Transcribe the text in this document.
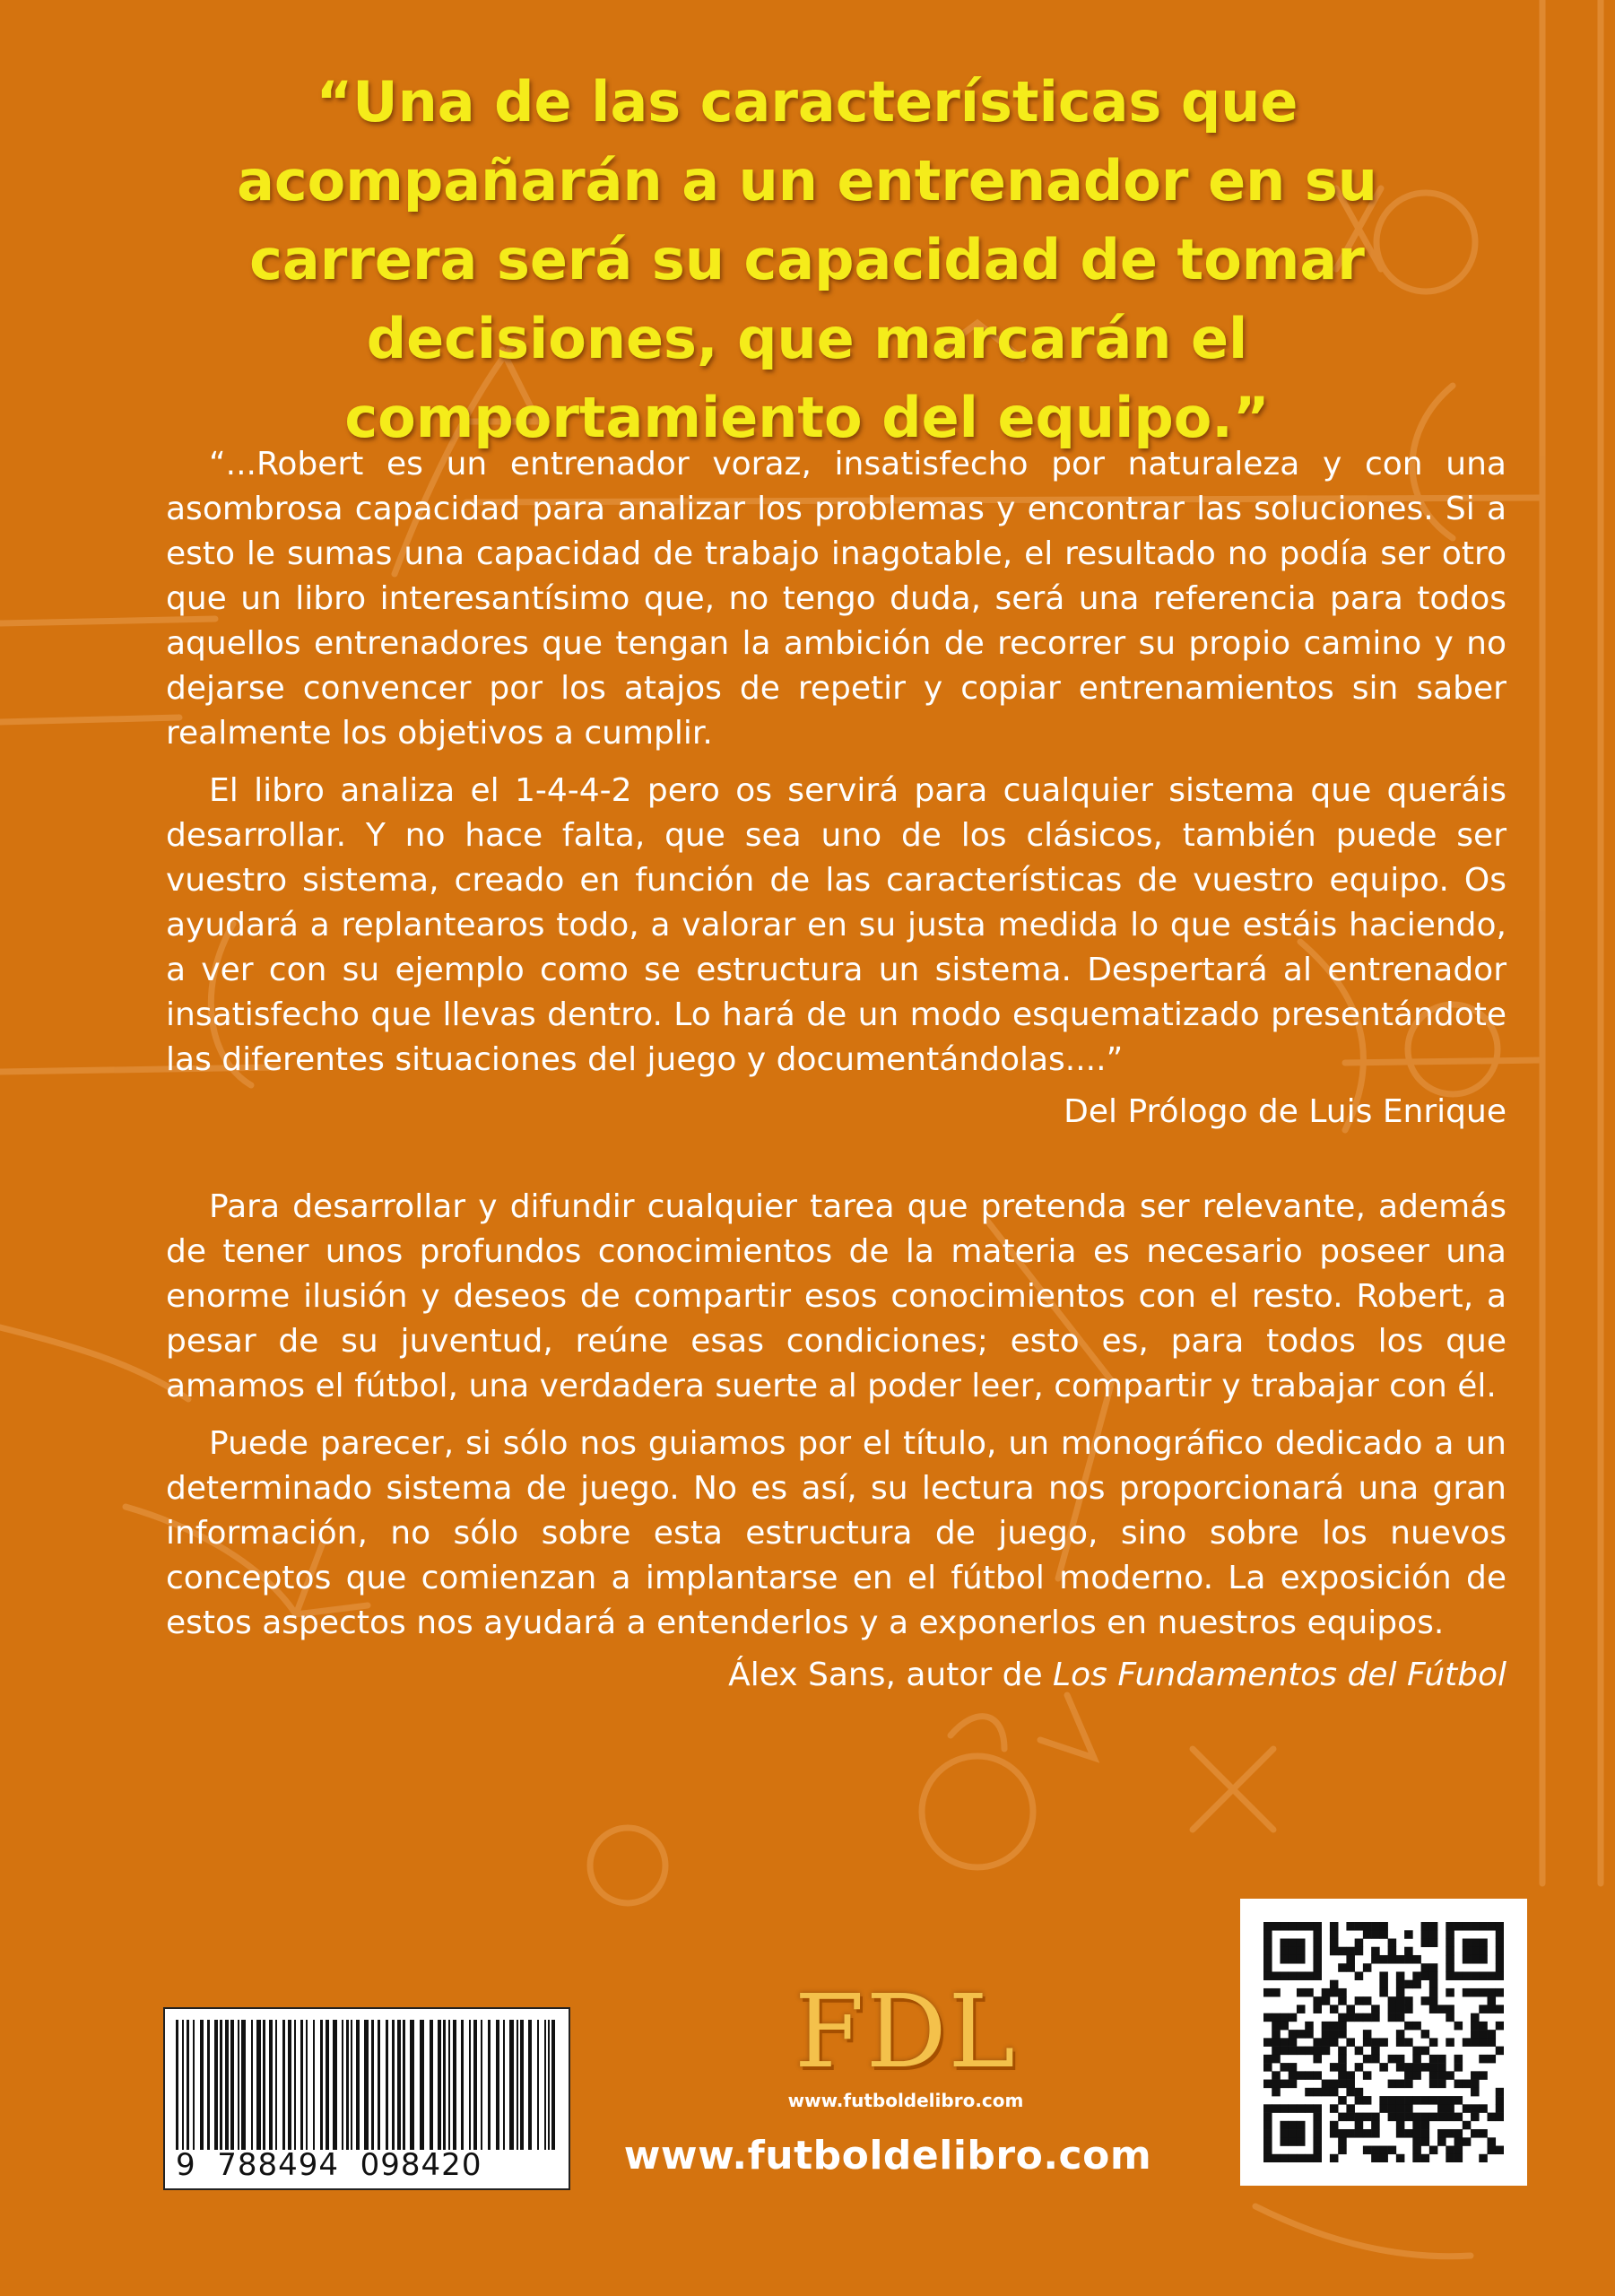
“Una de las características que acompañarán a un entrenador en su carrera será su capacidad de tomar decisiones, que marcarán el comportamiento del equipo.”

“...Robert es un entrenador voraz, insatisfecho por naturaleza y con una asombrosa capacidad para analizar los problemas y encontrar las soluciones. Si a esto le sumas una capacidad de trabajo inagotable, el resultado no podía ser otro que un libro interesantísimo que, no tengo duda, será una referencia para todos aquellos entrenadores que tengan la ambición de recorrer su propio camino y no dejarse convencer por los atajos de repetir y copiar entrenamientos sin saber realmente los objetivos a cumplir.

El libro analiza el 1-4-4-2 pero os servirá para cualquier sistema que queráis desarrollar. Y no hace falta, que sea uno de los clásicos, también puede ser vuestro sistema, creado en función de las características de vuestro equipo. Os ayudará a replantearos todo, a valorar en su justa medida lo que estáis haciendo, a ver con su ejemplo como se estructura un sistema. Despertará al entrenador insatisfecho que llevas dentro. Lo hará de un modo esquematizado presentándote las diferentes situaciones del juego y documentándolas....”

Del Prólogo de Luis Enrique

Para desarrollar y difundir cualquier tarea que pretenda ser relevante, además de tener unos profundos conocimientos de la materia es necesario poseer una enorme ilusión y deseos de compartir esos conocimientos con el resto. Robert, a pesar de su juventud, reúne esas condiciones; esto es, para todos los que amamos el fútbol, una verdadera suerte al poder leer, compartir y trabajar con él.

Puede parecer, si sólo nos guiamos por el título, un monográfico dedicado a un determinado sistema de juego. No es así, su lectura nos proporcionará una gran información, no sólo sobre esta estructura de juego, sino sobre los nuevos conceptos que comienzan a implantarse en el fútbol moderno. La exposición de estos aspectos nos ayudará a entenderlos y a exponerlos en nuestros equipos.

Álex Sans, autor de Los Fundamentos del Fútbol

9  788494  098420
FDL
www.futboldelibro.com
www.futboldelibro.com
